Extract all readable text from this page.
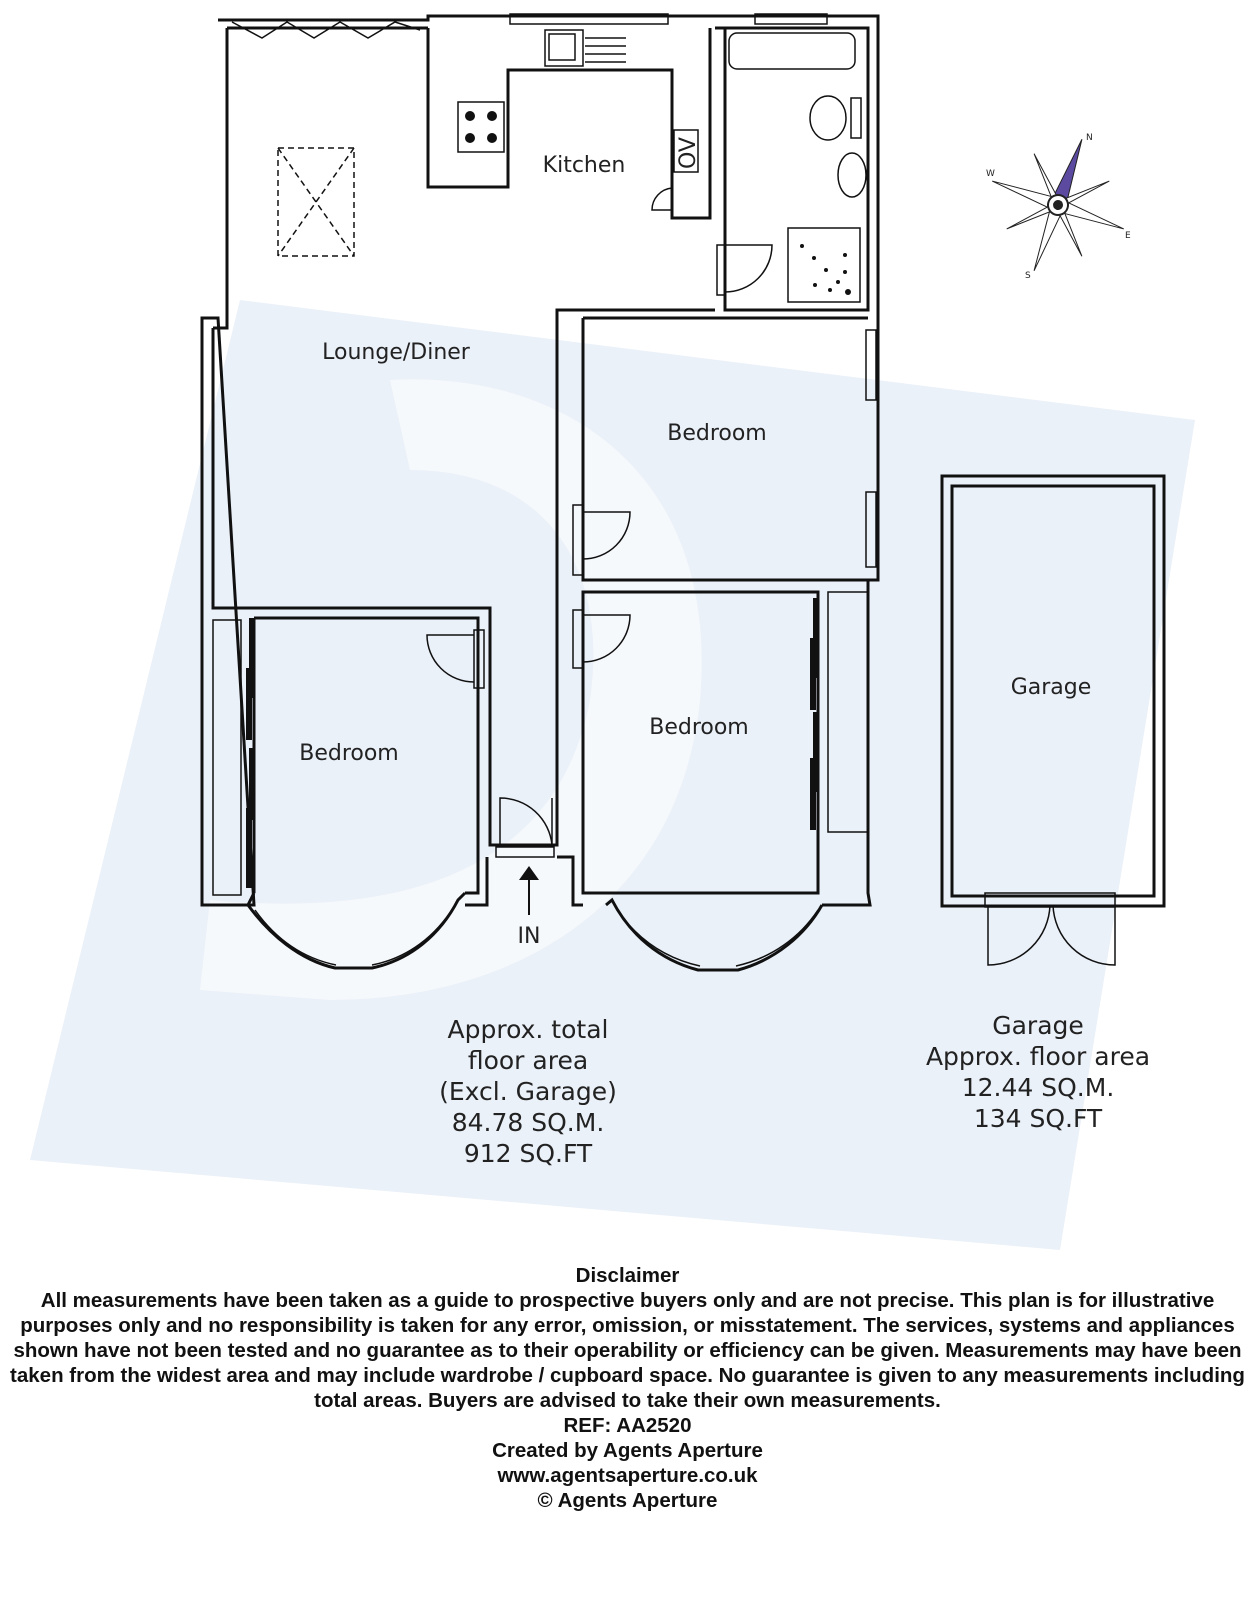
N
E
S
W
Lounge/Diner
Kitchen OV
Bedroom
Bedroom
Bedroom
Garage
IN
Approx. total
floor area
(Excl. Garage)
84.78 SQ.M.
912 SQ.FT
Garage
Approx. floor area
12.44 SQ.M.
134 SQ.FT
Disclaimer
All measurements have been taken as a guide to prospective buyers only and are not precise. This plan is for illustrative purposes only and no responsibility is taken for any error, omission, or misstatement. The services, systems and appliances shown have not been tested and no guarantee as to their operability or efficiency can be given. Measurements may have been taken from the widest area and may include wardrobe / cupboard space. No guarantee is given to any measurements including total areas. Buyers are advised to take their own measurements.
REF: AA2520
Created by Agents Aperture
www.agentsaperture.co.uk
© Agents Aperture
